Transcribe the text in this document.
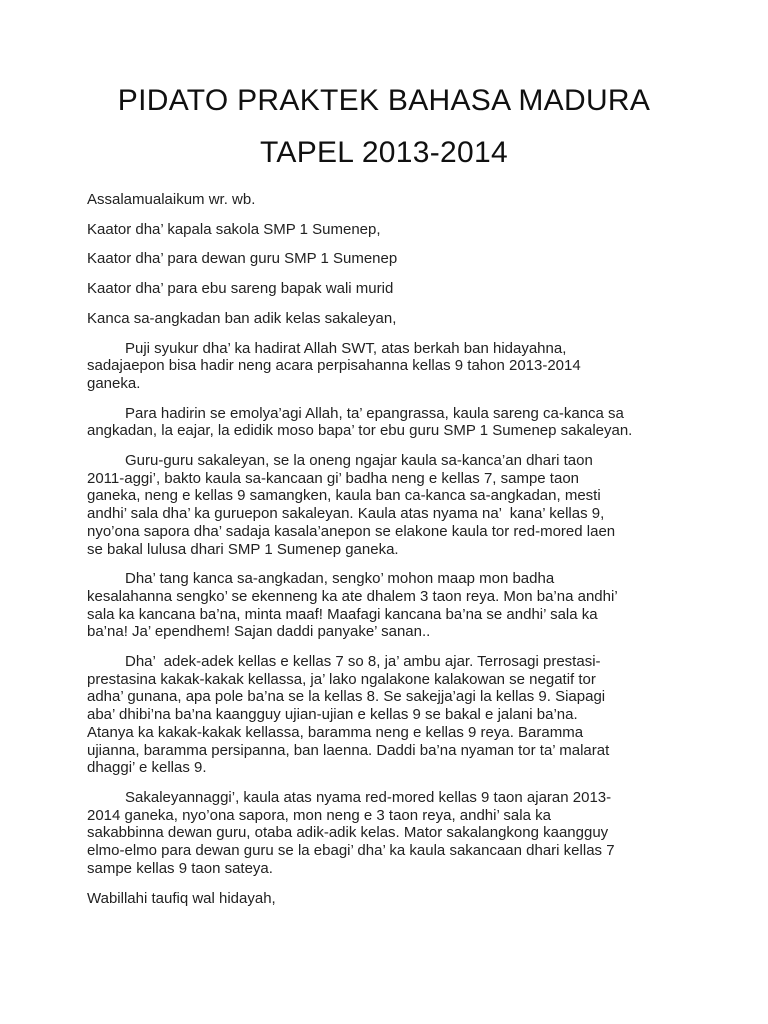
PIDATO PRAKTEK BAHASA MADURA
TAPEL 2013-2014
Assalamualaikum wr. wb.
Kaator dha’ kapala sakola SMP 1 Sumenep,
Kaator dha’ para dewan guru SMP 1 Sumenep
Kaator dha’ para ebu sareng bapak wali murid
Kanca sa-angkadan ban adik kelas sakaleyan,
Puji syukur dha’ ka hadirat Allah SWT, atas berkah ban hidayahna,
sadajaepon bisa hadir neng acara perpisahanna kellas 9 tahon 2013-2014
ganeka.
Para hadirin se emolya’agi Allah, ta’ epangrassa, kaula sareng ca-kanca sa
angkadan, la eajar, la edidik moso bapa’ tor ebu guru SMP 1 Sumenep sakaleyan.
Guru-guru sakaleyan, se la oneng ngajar kaula sa-kanca’an dhari taon
2011-aggi’, bakto kaula sa-kancaan gi’ badha neng e kellas 7, sampe taon
ganeka, neng e kellas 9 samangken, kaula ban ca-kanca sa-angkadan, mesti
andhi’ sala dha’ ka guruepon sakaleyan. Kaula atas nyama na’  kana’ kellas 9,
nyo’ona sapora dha’ sadaja kasala’anepon se elakone kaula tor red-mored laen
se bakal lulusa dhari SMP 1 Sumenep ganeka.
Dha’ tang kanca sa-angkadan, sengko’ mohon maap mon badha
kesalahanna sengko’ se ekenneng ka ate dhalem 3 taon reya. Mon ba’na andhi’
sala ka kancana ba’na, minta maaf! Maafagi kancana ba’na se andhi’ sala ka
ba’na! Ja’ ependhem! Sajan daddi panyake’ sanan..
Dha’  adek-adek kellas e kellas 7 so 8, ja’ ambu ajar. Terrosagi prestasi-
prestasina kakak-kakak kellassa, ja’ lako ngalakone kalakowan se negatif tor
adha’ gunana, apa pole ba’na se la kellas 8. Se sakejja’agi la kellas 9. Siapagi
aba’ dhibi’na ba’na kaangguy ujian-ujian e kellas 9 se bakal e jalani ba’na.
Atanya ka kakak-kakak kellassa, baramma neng e kellas 9 reya. Baramma
ujianna, baramma persipanna, ban laenna. Daddi ba’na nyaman tor ta’ malarat
dhaggi’ e kellas 9.
Sakaleyannaggi’, kaula atas nyama red-mored kellas 9 taon ajaran 2013-
2014 ganeka, nyo’ona sapora, mon neng e 3 taon reya, andhi’ sala ka
sakabbinna dewan guru, otaba adik-adik kelas. Mator sakalangkong kaangguy
elmo-elmo para dewan guru se la ebagi’ dha’ ka kaula sakancaan dhari kellas 7
sampe kellas 9 taon sateya.
Wabillahi taufiq wal hidayah,
